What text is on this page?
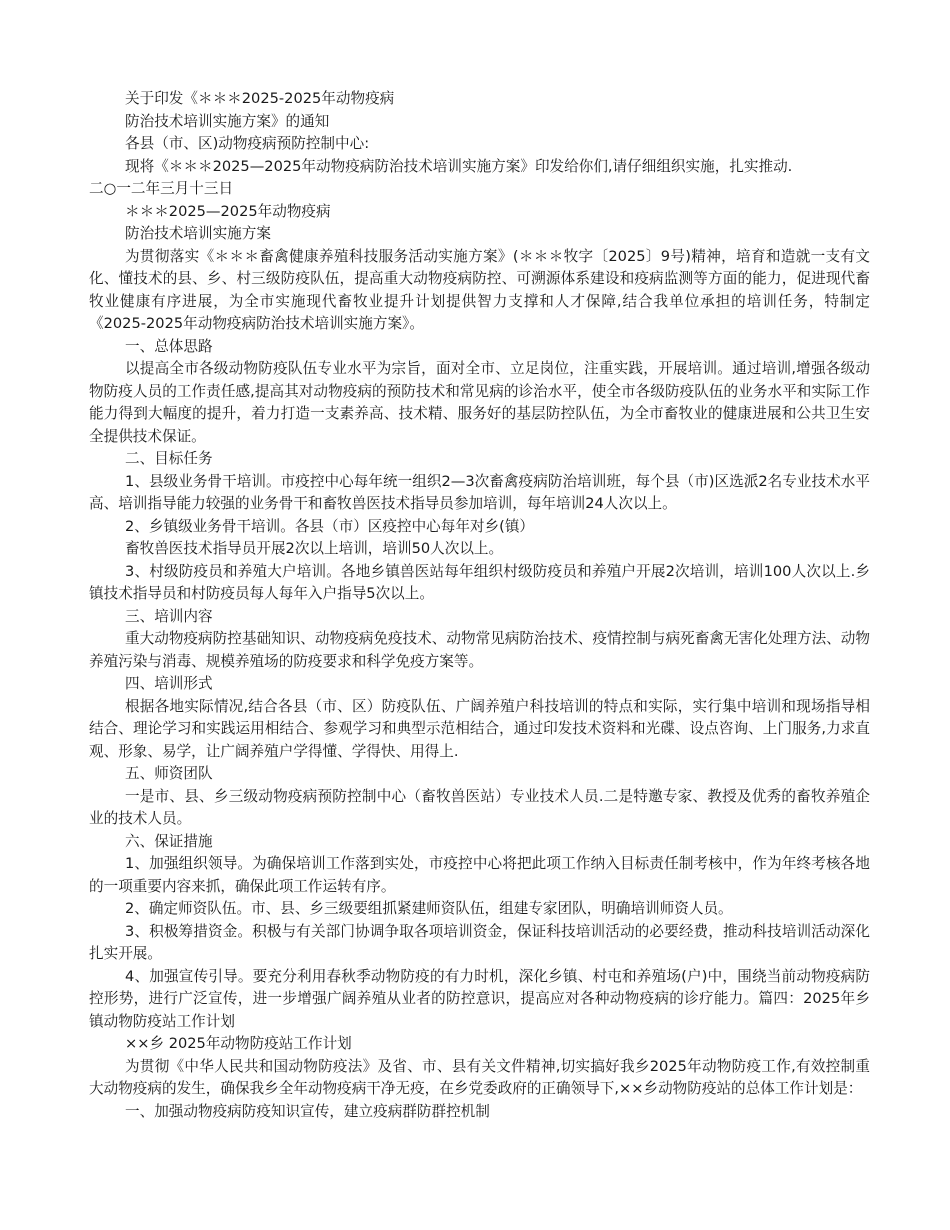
关于印发《＊＊＊2025-2025年动物疫病
防治技术培训实施方案》的通知
各县（市、区)动物疫病预防控制中心:
现将《＊＊＊2025—2025年动物疫病防治技术培训实施方案》印发给你们,请仔细组织实施，扎实推动.
二○一二年三月十三日
＊＊＊2025—2025年动物疫病
防治技术培训实施方案

为贯彻落实《＊＊＊畜禽健康养殖科技服务活动实施方案》(＊＊＊牧字〔2025〕9号)精神，培育和造就一支有文化、懂技术的县、乡、村三级防疫队伍，提高重大动物疫病防控、可溯源体系建设和疫病监测等方面的能力，促进现代畜牧业健康有序进展，为全市实施现代畜牧业提升计划提供智力支撑和人才保障,结合我单位承担的培训任务，特制定《2025-2025年动物疫病防治技术培训实施方案》。

一、总体思路

以提高全市各级动物防疫队伍专业水平为宗旨，面对全市、立足岗位，注重实践，开展培训。通过培训,增强各级动物防疫人员的工作责任感,提高其对动物疫病的预防技术和常见病的诊治水平，使全市各级防疫队伍的业务水平和实际工作能力得到大幅度的提升，着力打造一支素养高、技术精、服务好的基层防控队伍，为全市畜牧业的健康进展和公共卫生安全提供技术保证。

二、目标任务

1、县级业务骨干培训。市疫控中心每年统一组织2—3次畜禽疫病防治培训班，每个县（市)区选派2名专业技术水平高、培训指导能力较强的业务骨干和畜牧兽医技术指导员参加培训，每年培训24人次以上。

2、乡镇级业务骨干培训。各县（市）区疫控中心每年对乡(镇）
畜牧兽医技术指导员开展2次以上培训，培训50人次以上。

3、村级防疫员和养殖大户培训。各地乡镇兽医站每年组织村级防疫员和养殖户开展2次培训，培训100人次以上.乡镇技术指导员和村防疫员每人每年入户指导5次以上。

三、培训内容

重大动物疫病防控基础知识、动物疫病免疫技术、动物常见病防治技术、疫情控制与病死畜禽无害化处理方法、动物养殖污染与消毒、规模养殖场的防疫要求和科学免疫方案等。

四、培训形式

根据各地实际情况,结合各县（市、区）防疫队伍、广阔养殖户科技培训的特点和实际，实行集中培训和现场指导相结合、理论学习和实践运用相结合、参观学习和典型示范相结合，通过印发技术资料和光碟、设点咨询、上门服务,力求直观、形象、易学，让广阔养殖户学得懂、学得快、用得上.

五、师资团队

一是市、县、乡三级动物疫病预防控制中心（畜牧兽医站）专业技术人员.二是特邀专家、教授及优秀的畜牧养殖企业的技术人员。

六、保证措施

1、加强组织领导。为确保培训工作落到实处，市疫控中心将把此项工作纳入目标责任制考核中，作为年终考核各地的一项重要内容来抓，确保此项工作运转有序。

2、确定师资队伍。市、县、乡三级要组抓紧建师资队伍，组建专家团队，明确培训师资人员。

3、积极筹措资金。积极与有关部门协调争取各项培训资金，保证科技培训活动的必要经费，推动科技培训活动深化扎实开展。

4、加强宣传引导。要充分利用春秋季动物防疫的有力时机，深化乡镇、村屯和养殖场(户)中，围绕当前动物疫病防控形势，进行广泛宣传，进一步增强广阔养殖从业者的防控意识，提高应对各种动物疫病的诊疗能力。篇四：2025年乡镇动物防疫站工作计划

××乡 2025年动物防疫站工作计划

为贯彻《中华人民共和国动物防疫法》及省、市、县有关文件精神,切实搞好我乡2025年动物防疫工作,有效控制重大动物疫病的发生，确保我乡全年动物疫病干净无疫，在乡党委政府的正确领导下,××乡动物防疫站的总体工作计划是：

一、加强动物疫病防疫知识宣传，建立疫病群防群控机制
